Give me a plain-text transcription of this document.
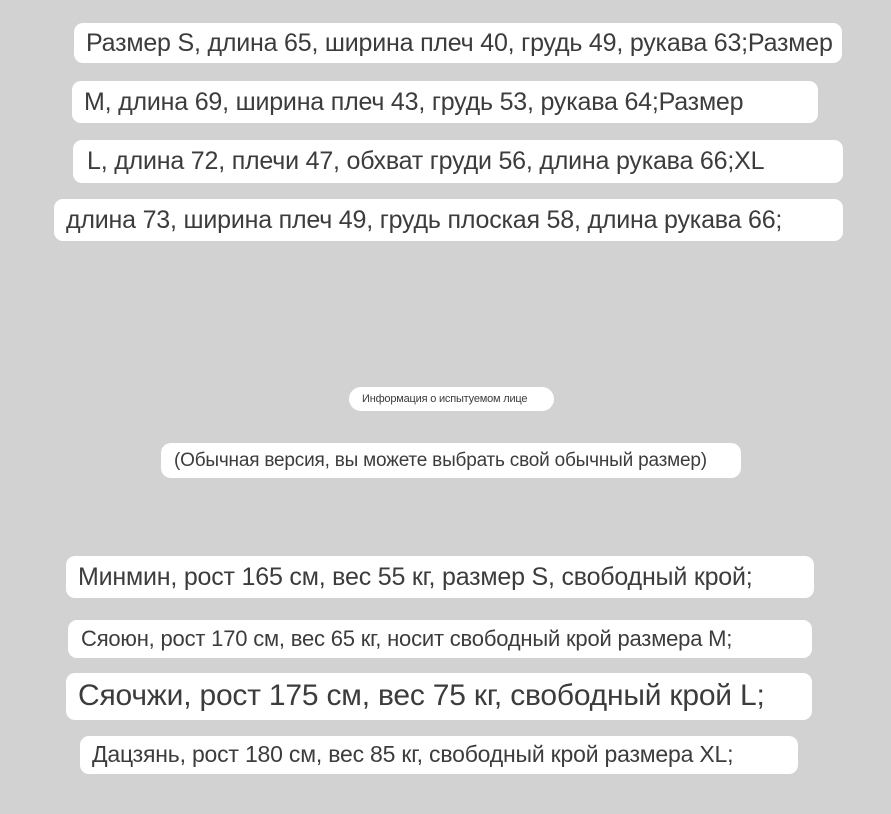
Размер S, длина 65, ширина плеч 40, грудь 49, рукава 63;Размер
M, длина 69, ширина плеч 43, грудь 53, рукава 64;Размер
L, длина 72, плечи 47, обхват груди 56, длина рукава 66;XL
длина 73, ширина плеч 49, грудь плоская 58, длина рукава 66;
Информация о испытуемом лице
(Обычная версия, вы можете выбрать свой обычный размер)
Минмин, рост 165 см, вес 55 кг, размер S, свободный крой;
Сяоюн, рост 170 см, вес 65 кг, носит свободный крой размера M;
Сяочжи, рост 175 см, вес 75 кг, свободный крой L;
Дацзянь, рост 180 см, вес 85 кг, свободный крой размера XL;
